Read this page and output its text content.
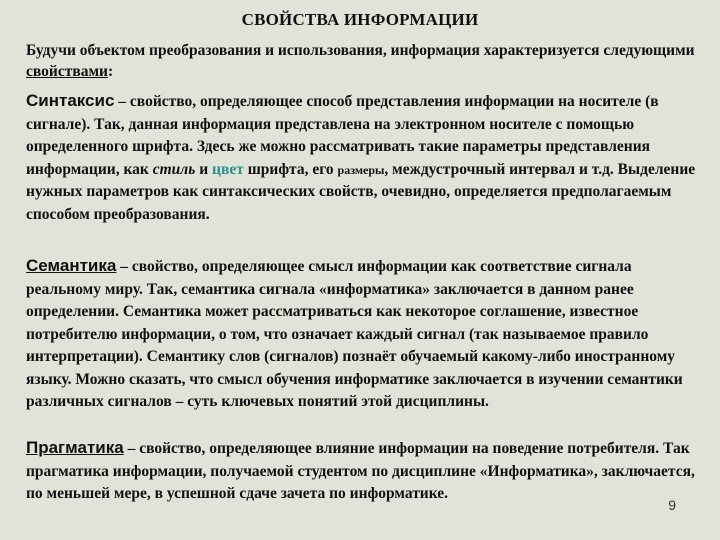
СВОЙСТВА ИНФОРМАЦИИ
Будучи объектом преобразования и использования, информация характеризуется следующими свойствами:
Синтаксис – свойство, определяющее способ представления информации на носителе (в сигнале). Так, данная информация представлена на электронном носителе с помощью определенного шрифта. Здесь же можно рассматривать такие параметры представления информации, как стиль и цвет шрифта, его размеры, междустрочный интервал и т.д. Выделение нужных параметров как синтаксических свойств, очевидно, определяется предполагаемым способом преобразования.
Семантика – свойство, определяющее смысл информации как соответствие сигнала реальному миру. Так, семантика сигнала «информатика» заключается в данном ранее определении. Семантика может рассматриваться как некоторое соглашение, известное потребителю информации, о том, что означает каждый сигнал (так называемое правило интерпретации). Семантику слов (сигналов) познаёт обучаемый какому-либо иностранному языку. Можно сказать, что смысл обучения информатике заключается в изучении семантики различных сигналов – суть ключевых понятий этой дисциплины.
Прагматика – свойство, определяющее влияние информации на поведение потребителя. Так прагматика информации, получаемой студентом по дисциплине «Информатика», заключается, по меньшей мере, в успешной сдаче зачета по информатике.
9
